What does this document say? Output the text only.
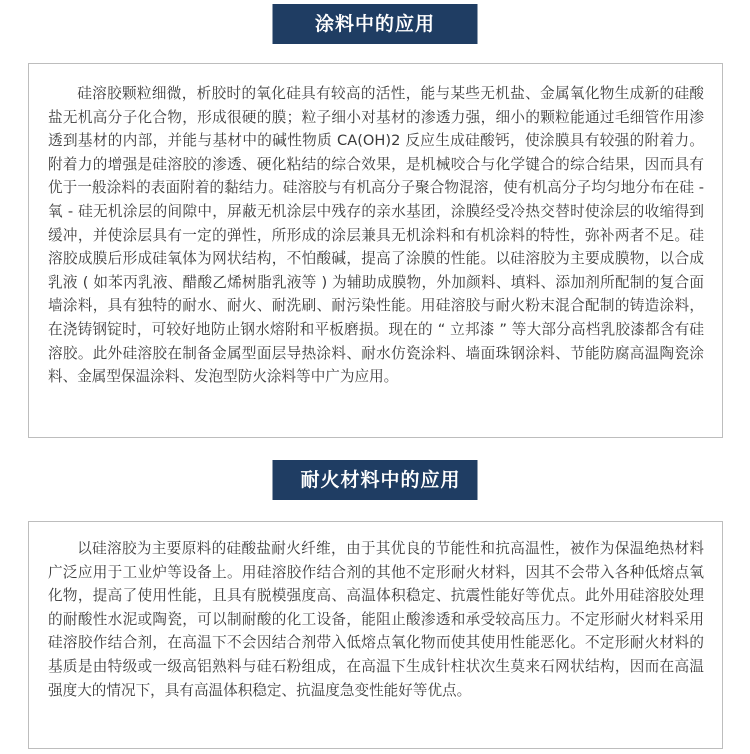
涂料中的应用

硅溶胶颗粒细微，析胶时的氧化硅具有较高的活性，能与某些无机盐、金属氧化物生成新的硅酸盐无机高分子化合物，形成很硬的膜；粒子细小对基材的渗透力强，细小的颗粒能通过毛细管作用渗透到基材的内部，并能与基材中的碱性物质 CA(OH)2 反应生成硅酸钙，使涂膜具有较强的附着力。附着力的增强是硅溶胶的渗透、硬化粘结的综合效果，是机械咬合与化学键合的综合结果，因而具有优于一般涂料的表面附着的黏结力。硅溶胶与有机高分子聚合物混溶，使有机高分子均匀地分布在硅 - 氧 - 硅无机涂层的间隙中，屏蔽无机涂层中残存的亲水基团，涂膜经受冷热交替时使涂层的收缩得到缓冲，并使涂层具有一定的弹性，所形成的涂层兼具无机涂料和有机涂料的特性，弥补两者不足。硅溶胶成膜后形成硅氧体为网状结构，不怕酸碱，提高了涂膜的性能。以硅溶胶为主要成膜物，以合成乳液 ( 如苯丙乳液、醋酸乙烯树脂乳液等 ) 为辅助成膜物，外加颜料、填料、添加剂所配制的复合面墙涂料，具有独特的耐水、耐火、耐洗刷、耐污染性能。用硅溶胶与耐火粉末混合配制的铸造涂料，在浇铸钢锭时，可较好地防止钢水熔附和平板磨损。现在的 “ 立邦漆 ” 等大部分高档乳胶漆都含有硅溶胶。此外硅溶胶在制备金属型面层导热涂料、耐水仿瓷涂料、墙面珠钢涂料、节能防腐高温陶瓷涂料、金属型保温涂料、发泡型防火涂料等中广为应用。

耐火材料中的应用

以硅溶胶为主要原料的硅酸盐耐火纤维，由于其优良的节能性和抗高温性，被作为保温绝热材料广泛应用于工业炉等设备上。用硅溶胶作结合剂的其他不定形耐火材料，因其不会带入各种低熔点氧化物，提高了使用性能，且具有脱模强度高、高温体积稳定、抗震性能好等优点。此外用硅溶胶处理的耐酸性水泥或陶瓷，可以制耐酸的化工设备，能阻止酸渗透和承受较高压力。不定形耐火材料采用硅溶胶作结合剂，在高温下不会因结合剂带入低熔点氧化物而使其使用性能恶化。不定形耐火材料的基质是由特级或一级高铝熟料与硅石粉组成，在高温下生成针柱状次生莫来石网状结构，因而在高温强度大的情况下，具有高温体积稳定、抗温度急变性能好等优点。
